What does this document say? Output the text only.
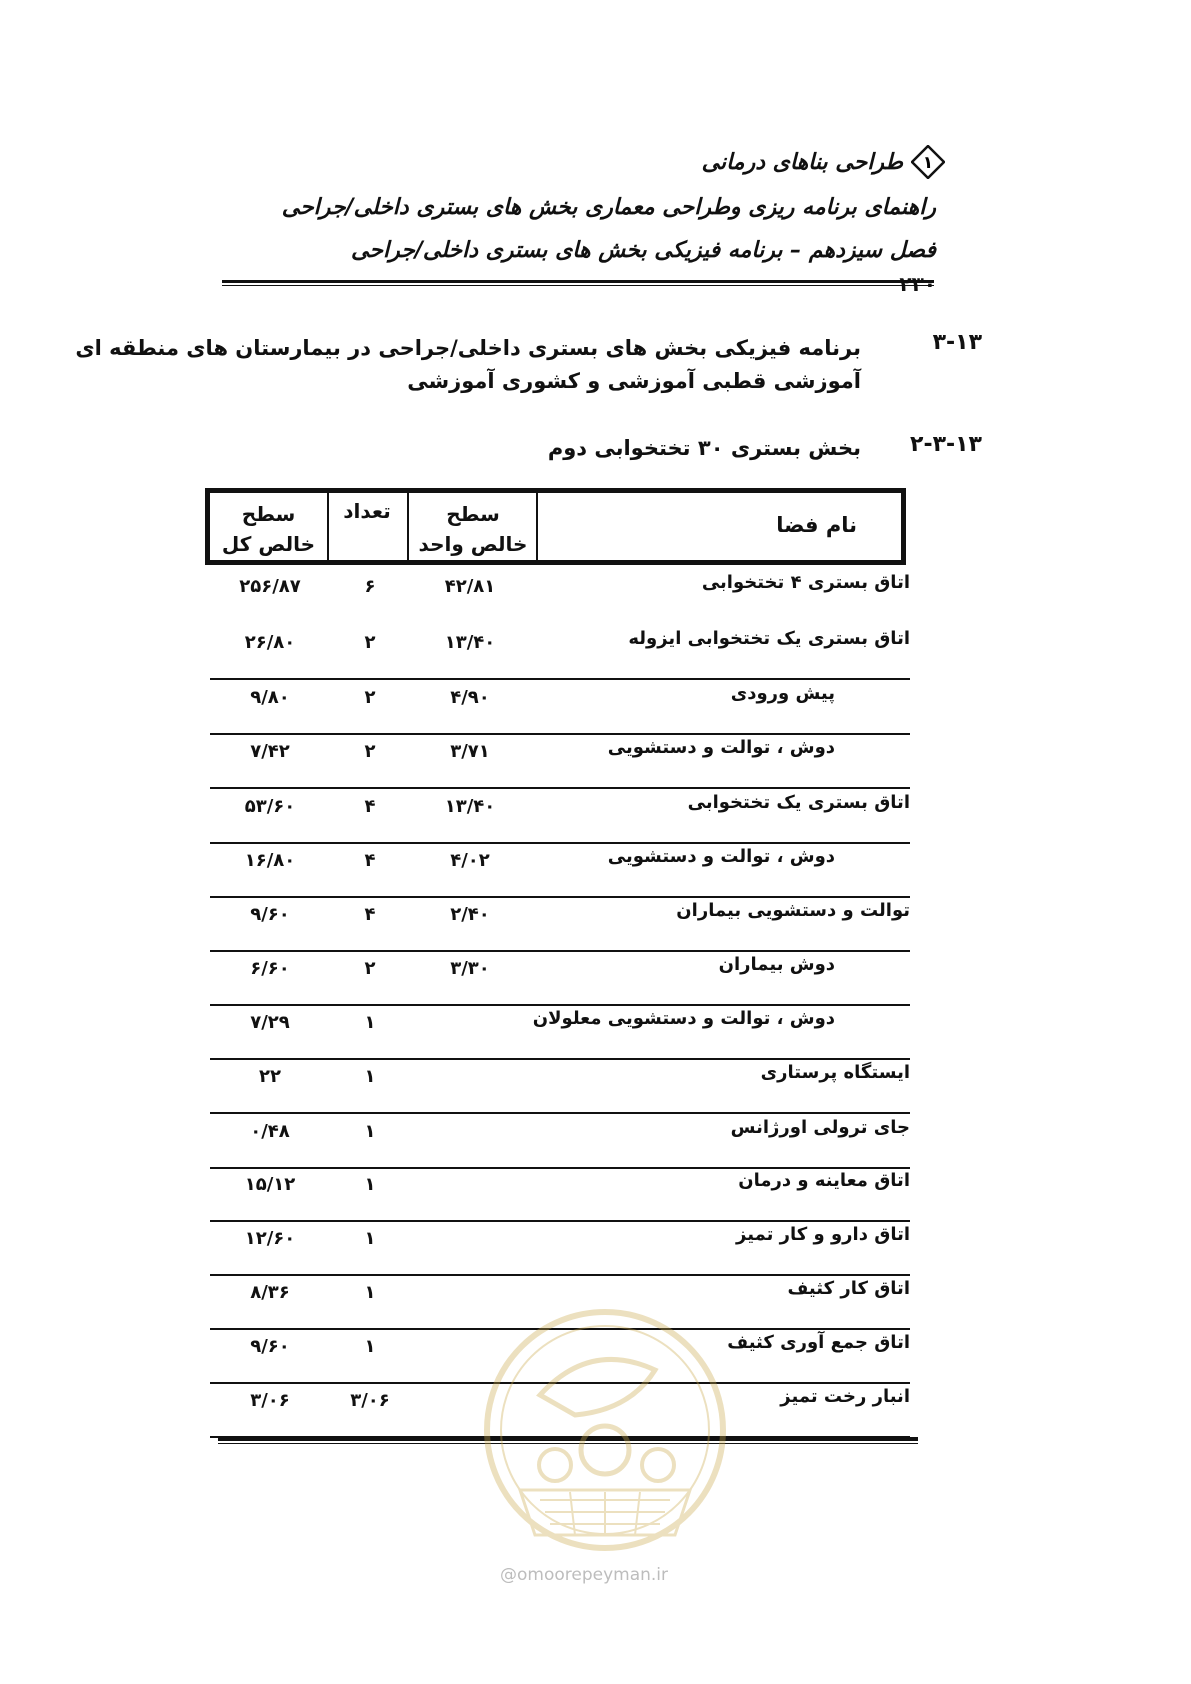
طراحی بناهای درمانی ۱
راهنمای برنامه ریزی وطراحی معماری بخش های بستری داخلی/جراحی
فصل سیزدهم – برنامه فیزیکی بخش های بستری داخلی/جراحی
۲۳۰
۳-۱۳
برنامه فیزیکی بخش های بستری داخلی/جراحی در بیمارستان های منطقه ای
آموزشی قطبی آموزشی و کشوری آموزشی
۲-۳-۱۳
بخش بستری ۳۰ تختخوابی دوم
نام فضا
سطح
خالص واحد
تعداد
سطح
خالص کل
اتاق بستری ۴ تختخوابی
۴۲/۸۱
۶
۲۵۶/۸۷
اتاق بستری یک تختخوابی ایزوله
۱۳/۴۰
۲
۲۶/۸۰
پیش ورودی
۴/۹۰
۲
۹/۸۰
دوش ، توالت و دستشویی
۳/۷۱
۲
۷/۴۲
اتاق بستری یک تختخوابی
۱۳/۴۰
۴
۵۳/۶۰
دوش ، توالت و دستشویی
۴/۰۲
۴
۱۶/۸۰
توالت و دستشویی بیماران
۲/۴۰
۴
۹/۶۰
دوش بیماران
۳/۳۰
۲
۶/۶۰
دوش ، توالت و دستشویی معلولان
۱
۷/۲۹
ایستگاه پرستاری
۱
۲۲
جای ترولی اورژانس
۱
۰/۴۸
اتاق معاینه و درمان
۱
۱۵/۱۲
اتاق دارو و کار تمیز
۱
۱۲/۶۰
اتاق کار کثیف
۱
۸/۳۶
اتاق جمع آوری کثیف
۱
۹/۶۰
انبار رخت تمیز
۳/۰۶
۳/۰۶
@omoorepeyman.ir
